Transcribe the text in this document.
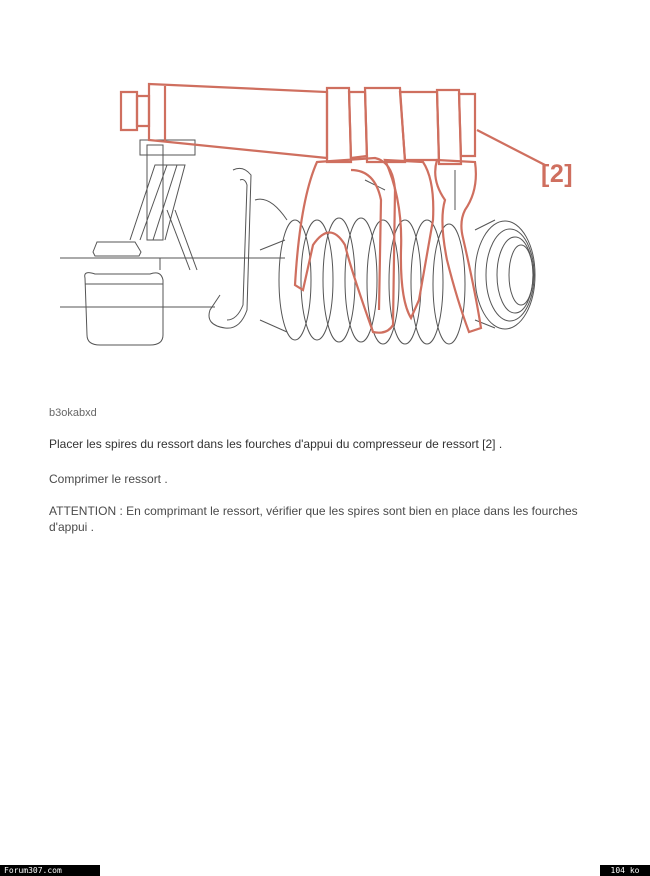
[2]

b3okabxd

Placer les spires du ressort dans les fourches d'appui du compresseur de ressort [2] .

Comprimer le ressort .

ATTENTION : En comprimant le ressort, vérifier que les spires sont bien en place dans les fourches d'appui .

Forum307.com	104 ko
